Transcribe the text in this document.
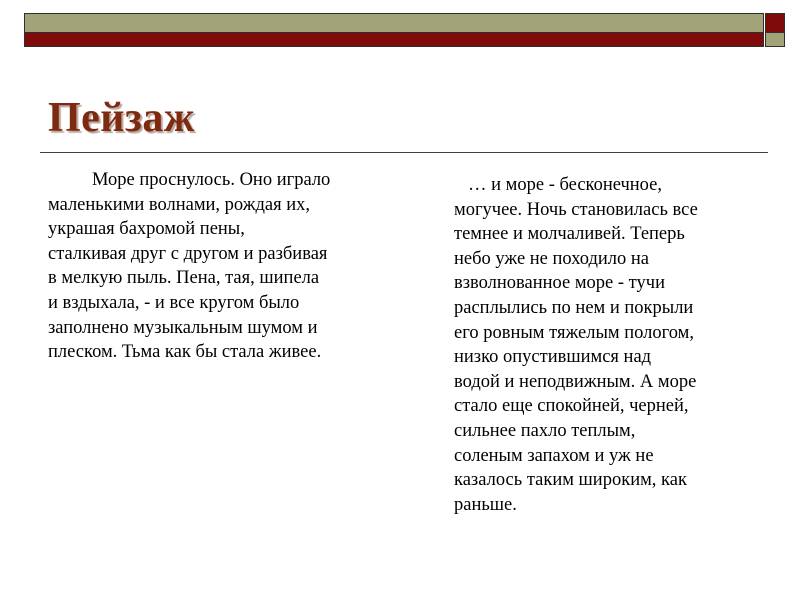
Пейзаж

Море проснулось. Оно играло

маленькими волнами, рождая их,

украшая бахромой пены,

сталкивая друг с другом и разбивая

в мелкую пыль. Пена, тая, шипела

и вздыхала, - и все кругом было

заполнено музыкальным шумом и

плеском. Тьма как бы стала живее.

… и море - бесконечное,

могучее. Ночь становилась все

темнее и молчаливей. Теперь

небо уже не походило на

взволнованное море - тучи

расплылись по нем и покрыли

его ровным тяжелым пологом,

низко опустившимся над

водой и неподвижным. А море

стало еще спокойней, черней,

сильнее пахло теплым,

соленым запахом и уж не

казалось таким широким, как

раньше.
